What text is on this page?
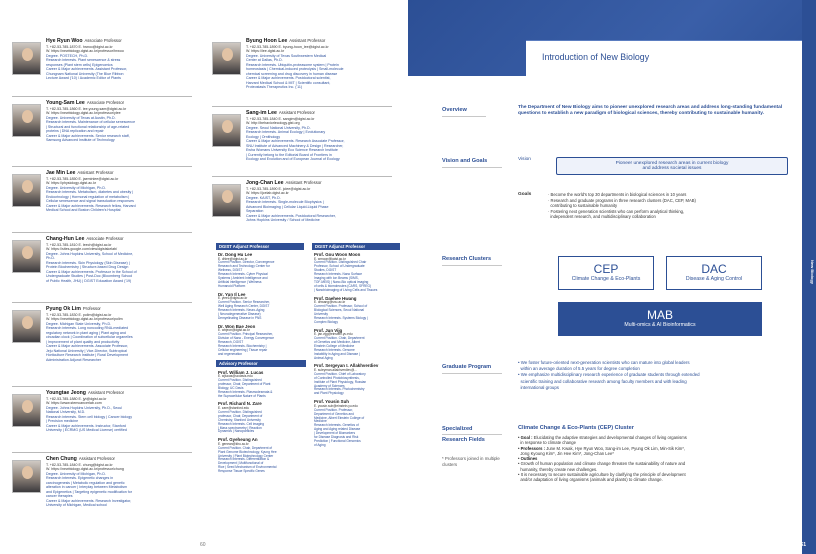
Hye Ryun Woo Associate Professor
T. +82-53-785-1870 E. hrwoo@dgist.ac.kr
W. https://newbiology.dgist.ac.kr/professor/hrwoo
Degree. POSTECH, Ph.D.
Research interests. Plant senescence & stress
responses (Plant stem cells) Epigenomics
Career & Major achievements. Assistant Professor,
Chungnam National University (The Blue Ribbon
Lecture Award ('10) / Academic Editor of Plants
Young-Sam Lee Associate Professor
T. +82-53-785-1860 E. lee.young.sam@dgist.ac.kr
W. https://newbiology.dgist.ac.kr/professor/ylee
Degree. University of Texas at Austin, Ph.D.
Research interests. Maintenance of cellular senescence
| Structural and functional relationship of age-related
proteins | DNA replication and repair
Career & Major achievements. Senior research staff,
Samsung Advanced Institute of Technology
Jae Min Lee Assistant Professor
T. +82-53-785-1850 E. jaeminlee@dgist.ac.kr
W. https://physiology.dgist.ac.kr
Degree. University of Michigan, Ph.D.
Research interests. Metabolism, diabetes and obesity |
Endocrinology | Hormonal regulation of metabolism |
Cellular senescence and signal transduction responses
Career & Major achievements. Research fellow, Harvard
Medical School and Boston Children's Hospital
Chang-Hun Lee Associate Professor
T. +82-53-785-1810 E. leech@dgist.ac.kr
W. https://sites.google.com/view/dgistskelab/
Degree. Johns Hopkins University, School of Medicine,
Ph.D.
Research interests. Skin Physiology (Skin Disease) |
Protein Biochemistry | Structure-based Drug Design
Career & Major achievements. Professor in the School of
Undergraduate Studies | Post-Doc (Bloomberg School
of Public Health, JHU) | DGIST Education Award ('19)
Pyung Ok Lim Professor
T. +82-53-785-1830 E. polim@dgist.ac.kr
W. https://newbiology.dgist.ac.kr/professor/polim
Degree. Michigan State University, Ph.D.
Research interests. Long noncoding RNA-mediated
regulatory network in plant aging | Plant aging and
circadian clock | Coordination of subcellular organelles
| Improvement of plant quality and productivity
Career & Major achievements. Associate Professor,
Jeju National University | Vice-Director, Subtropical
Horticulture Research Institute | Rural Development
Administration Adjunct Researcher
Youngtae Jeong Assistant Professor
T. +82-53-785-1880 E. jyt@dgist.ac.kr
W. https://www.stemcancerlab.com
Degree. Johns Hopkins University, Ph.D., Seoul
National University, M.D.
Research interests. Stem cell biology | Cancer biology
| Precision medicine
Career & Major achievements. Instructor, Stanford
University | ECRMG (US Medical License) certified
Chen Chung Assistant Professor
T. +82-53-785-1840 E. chung@dgist.ac.kr
W. https://newbiology.dgist.ac.kr/professor/chung
Degree. University of Michigan, Ph.D.
Research interests. Epigenetic changes in
carcinogenesis | Metabolic regulation and genetic
alteration in cancer | Interplay between Metabolism
and Epigenetics | Targeting epigenetic modification for
cancer therapies
Career & Major achievements. Research Investigator,
University of Michigan, Medical school
Byung Hoon Lee Assistant Professor
T. +82-53-785-1890 E. byung-hoon_lee@dgist.ac.kr
W. https://lee.dgist.ac.kr
Degree. University of Texas Southwestern Medical
Center at Dallas, Ph.D.
Research interests. Ubiquitin-proteasome system | Protein
homeostasis | Chemical-induced proteolysis | Small-molecule
chemical screening and drug discovery in human disease
Career & Major achievements. Postdoctoral scientist,
Harvard Medical School & MIT | Scientific consultant,
Proteostasis Therapeutics Inc. ('11)
Sang-im Lee Assistant Professor
T. +82-53-785-1840 E. sangim@dgist.ac.kr
W. http://behaviorlecology.gist.org
Degree. Seoul National University, Ph.D.
Research interests. Animal Ecology | Evolutionary
Ecology | Ornithology
Career & Major achievements. Research Associate Professor,
SNU Institute of Advanced Machinery & Design | Researcher,
Ewha Womans University Eco Science Research Institute
| Currently belong to the Editorial Board of Frontiers in
Ecology and Evolution and of European Journal of Ecology
Jong-Chan Lee Assistant Professor
T. +82-53-785-1890 E. jclee@dgist.ac.kr
W. https://jcelab.dgist.ac.kr
Degree. KAIST, Ph.D.
Research interests. Single-molecule Biophysics |
Advanced Bioimaging | Cellular Liquid-Liquid Phase
Separation
Career & Major achievements. Postdoctoral Researcher,
Johns Hopkins University / School of Medicine
DGIST Adjunct Professor	DGIST Adjunct Professor
Dr. Dong Hu Lee
E. dhlee@dgist.ac.kr
Current Position. Director, Convergence
Research and Technology Center for
Wellness, DGIST
Research Interests. Cyber Physical
Systems | Ambient Intelligence and
Artificial intelligence | Wellness
Humanoid Platform
Dr. Yun Il Lee
E. ylee1@dgist.ac.kr
Current Position. Senior Researcher,
Well Aging Research Center, DGIST
Research Interests. Neuro-Aging
( Neurodegenerative Disease)
Demyelinating Disease in PNS
Dr. Won Bae Jeon
E. wbjeon@dgist.ac.kr
Current Position. Principal Researcher,
Division of Nano - Energy Convergence
Research, DGIST
Research Interests. Biochemistry |
Cellular engineering | Tissue repair
and regeneration
Advisory Professor
Prof. William J. Lucas
E. wjlucas@ucdavis.edu
Current Position. Distinguished
professor, Chair, Department of Plant
Biology, UC Davis
Research Interests. Plasmodesmata &
the Supracellular Nature of Plants
Prof. Richard N. Zare
E. zare@stanford.edu
Current Position. Distinguished
professor, Chair, Department of
Chemistry, Stanford University
Research Interests. Cell imaging
| Mass spectrometry | Reaction
Dynamics | Nanoparticles
Prof. Gyeheung An
E. genean@khu.ac.kr
Current Position. Chair, Department of
Plant Genome Biotechnology, Kyung Hee
University | Plant Biotechnology Center
Research Interests. Differentiation &
Development | Multifunctional of
Rice | Seed Mechanism of Environmental
Response Tissue Specific Genes
Prof. Gou Woon Moon
E. wmoon@kaist.ac.kr
Current Position. Distinguished Chair
Professor, School of Undergraduate
Studies, DGIST
Research Interests. Nano Surface
Imaging with Ion Beams (SIMS,
TOF-MEIS) | Nano-Bio optical imaging
of cells & biomolecules (CARS, SFREG)
| Nanobioimaging of Living Cells and Tissues
Prof. Daehee Hwang
E. dhwang@snu.ac.kr
Current Position. Professor, School of
Biological Sciences, Seoul National
University
Research Interests. Systems Biology |
Complex Biology
Prof. Jun Vijg
E. jan.vijg@einstein.yu.edu
Current Position. Chair, Department
of Genetics and Medicine, Albert
Einstein College of Medicine
Research Interests. Genome
Instability in Aging and Disease |
Animal Aging
Prof. Sergeyan I. Allakhverdiev
E. suleyman.allakhverdiev@...
Current Position. Chief of Laboratory
of Controlled Photobiosynthesis,
Institute of Plant Physiology, Russian
Academy of Sciences
Research Interests. Photochemistry
and Plant Physiology
Prof. Yousin Suh
E. yousin.suh@einstein.yu.edu
Current Position. Professor,
Department of Genetics and
Medicine, Albert Einstein College of
Medicine
Research Interests. Genetics of
Aging and Aging related Disease
| Development of Biomarkers
for Disease Diagnosis and Risk
Prediction | Functional Genomics
of Aging
60
Introduction of New Biology
New Biology
Overview	The Department of New Biology aims to pioneer unexplored research areas and address long-standing fundamental questions to establish a new paradigm of biological sciences, thereby contributing to sustainable humanity.
Vision and Goals	Vision
Pioneer unexplored research areas in current biology
and address societal issues
Goals	· Become the world's top 30 departments in biological sciences in 10 years
· Research and graduate programs in three research clusters (DAC, CEP, MAB)
contributing to sustainable humanity
· Fostering next generation scientists who can perform analytical thinking,
independent research, and multidisciplinary collaboration
Research Clusters
CEP
Climate Change & Eco-Plants
DAC
Disease & Aging Control
MAB
Multi-omics & AI Bioinformatics
Graduate Program
• We foster future-oriented next-generation scientists who can mature into global leaders
within an average duration of 5.5 years for degree completion
• We emphasize multidisciplinary research experience of graduate students through extended
scientific training and collaborative research among faculty members and with leading
international groups
Specialized
Research Fields
* Professors joined in multiple clusters
Climate Change & Eco-Plants (CEP) Cluster
• Goal : Elucidating the adaptive strategies and developmental changes of living organisms
in response to climate change
• Professors : June M. Kwak, Hye Ryun Woo, Sang-im Lee, Pyung Ok Lim, Min-Sik Kim*,
Jong Kyoung Kim*, Jin Hee Kim*, Jong-Chan Lee*
• Outlines
• Growth of human population and climate change threaten the sustainability of nature and
humanity, thereby create new challenges.
• It is necessary to secure sustainable agriculture by clarifying the principle of development
and/or adaptation of living organisms (animals and plants) to climate change.
61
